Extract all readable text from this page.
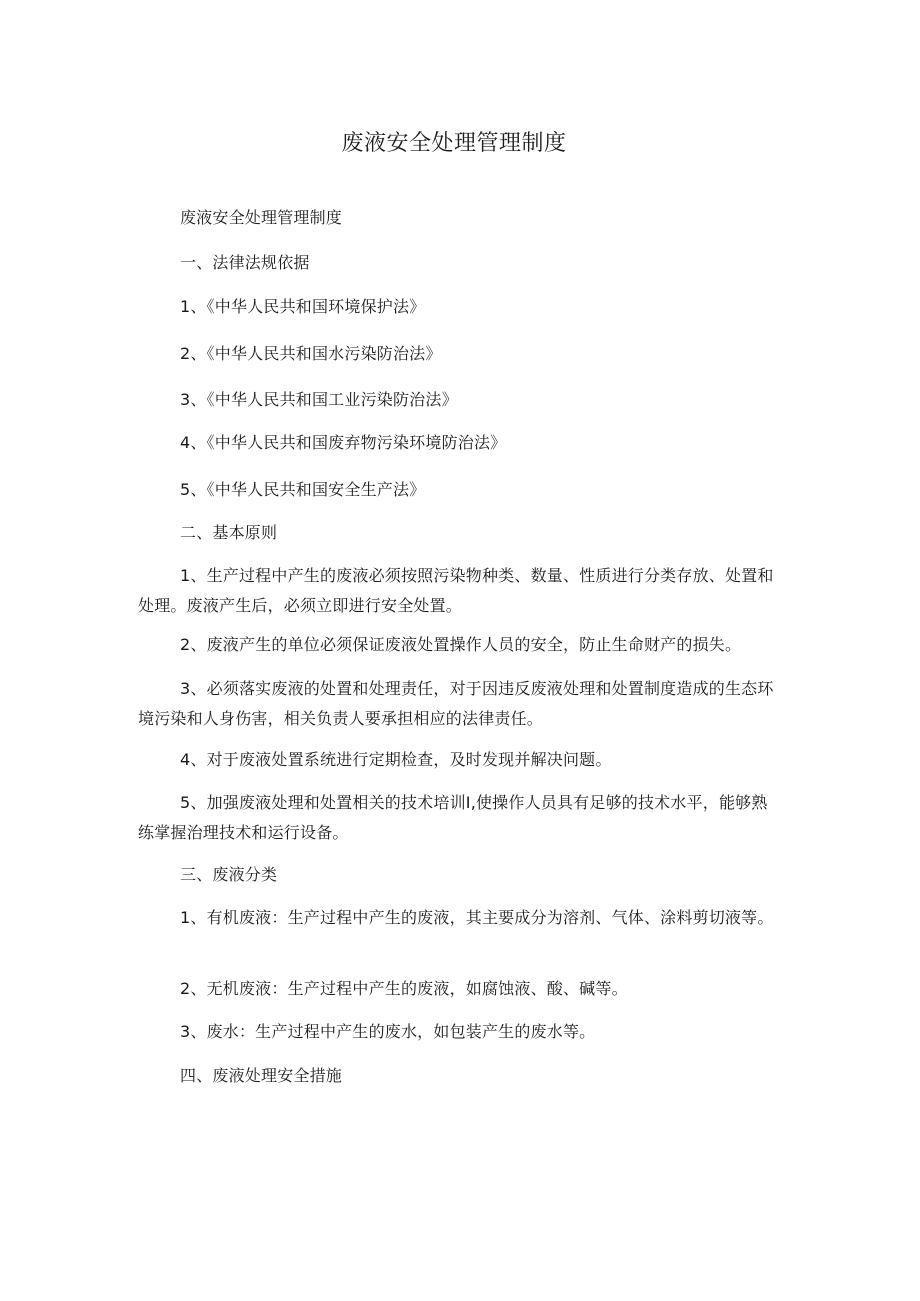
废液安全处理管理制度
废液安全处理管理制度
一、法律法规依据
1、《中华人民共和国环境保护法》
2、《中华人民共和国水污染防治法》
3、《中华人民共和国工业污染防治法》
4、《中华人民共和国废弃物污染环境防治法》
5、《中华人民共和国安全生产法》
二、基本原则
1、生产过程中产生的废液必须按照污染物种类、数量、性质进行分类存放、处置和处理。废液产生后，必须立即进行安全处置。
2、废液产生的单位必须保证废液处置操作人员的安全，防止生命财产的损失。
3、必须落实废液的处置和处理责任，对于因违反废液处理和处置制度造成的生态环境污染和人身伤害，相关负责人要承担相应的法律责任。
4、对于废液处置系统进行定期检查，及时发现并解决问题。
5、加强废液处理和处置相关的技术培训I,使操作人员具有足够的技术水平，能够熟练掌握治理技术和运行设备。
三、废液分类
1、有机废液：生产过程中产生的废液，其主要成分为溶剂、气体、涂料剪切液等。
2、无机废液：生产过程中产生的废液，如腐蚀液、酸、碱等。
3、废水：生产过程中产生的废水，如包装产生的废水等。
四、废液处理安全措施
